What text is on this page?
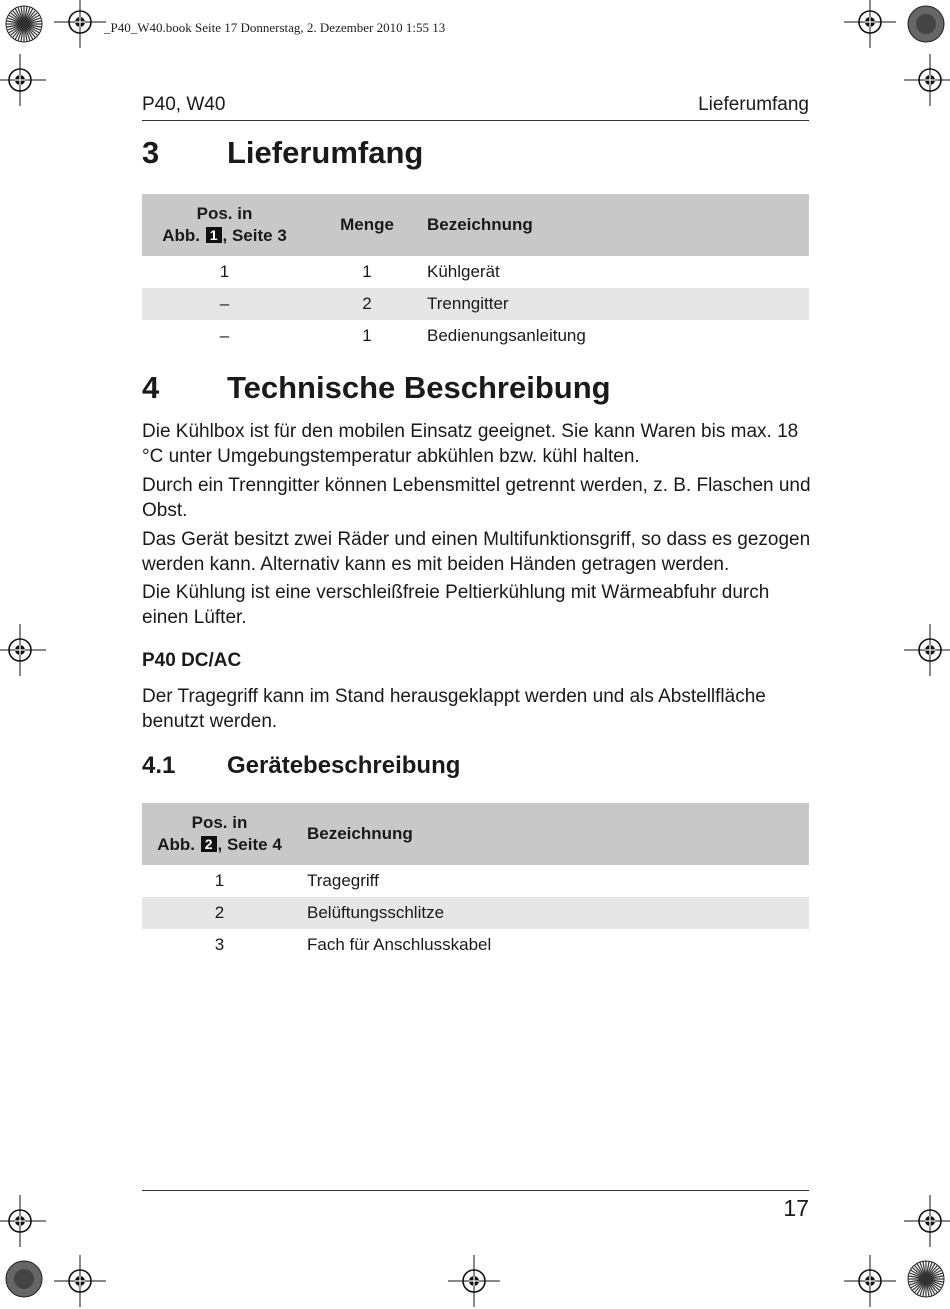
_P40_W40.book Seite 17 Donnerstag, 2. Dezember 2010 1:55 13
P40, W40	Lieferumfang
3	Lieferumfang
Pos. in
Abb. 1 , Seite 3	Menge	Bezeichnung
1	1	Kühlgerät
–	2	Trenngitter
–	1	Bedienungsanleitung
4	Technische Beschreibung

Die Kühlbox ist für den mobilen Einsatz geeignet. Sie kann Waren bis max. 18 °C unter Umgebungstemperatur abkühlen bzw. kühl halten.

Durch ein Trenngitter können Lebensmittel getrennt werden, z. B. Flaschen und Obst.

Das Gerät besitzt zwei Räder und einen Multifunktionsgriff, so dass es gezogen werden kann. Alternativ kann es mit beiden Händen getragen werden.

Die Kühlung ist eine verschleißfreie Peltierkühlung mit Wärmeabfuhr durch einen Lüfter.

P40 DC/AC

Der Tragegriff kann im Stand herausgeklappt werden und als Abstellfläche benutzt werden.

4.1	Gerätebeschreibung
Pos. in
Abb. 2 , Seite 4	Bezeichnung
1	Tragegriff
2	Belüftungsschlitze
3	Fach für Anschlusskabel
17
